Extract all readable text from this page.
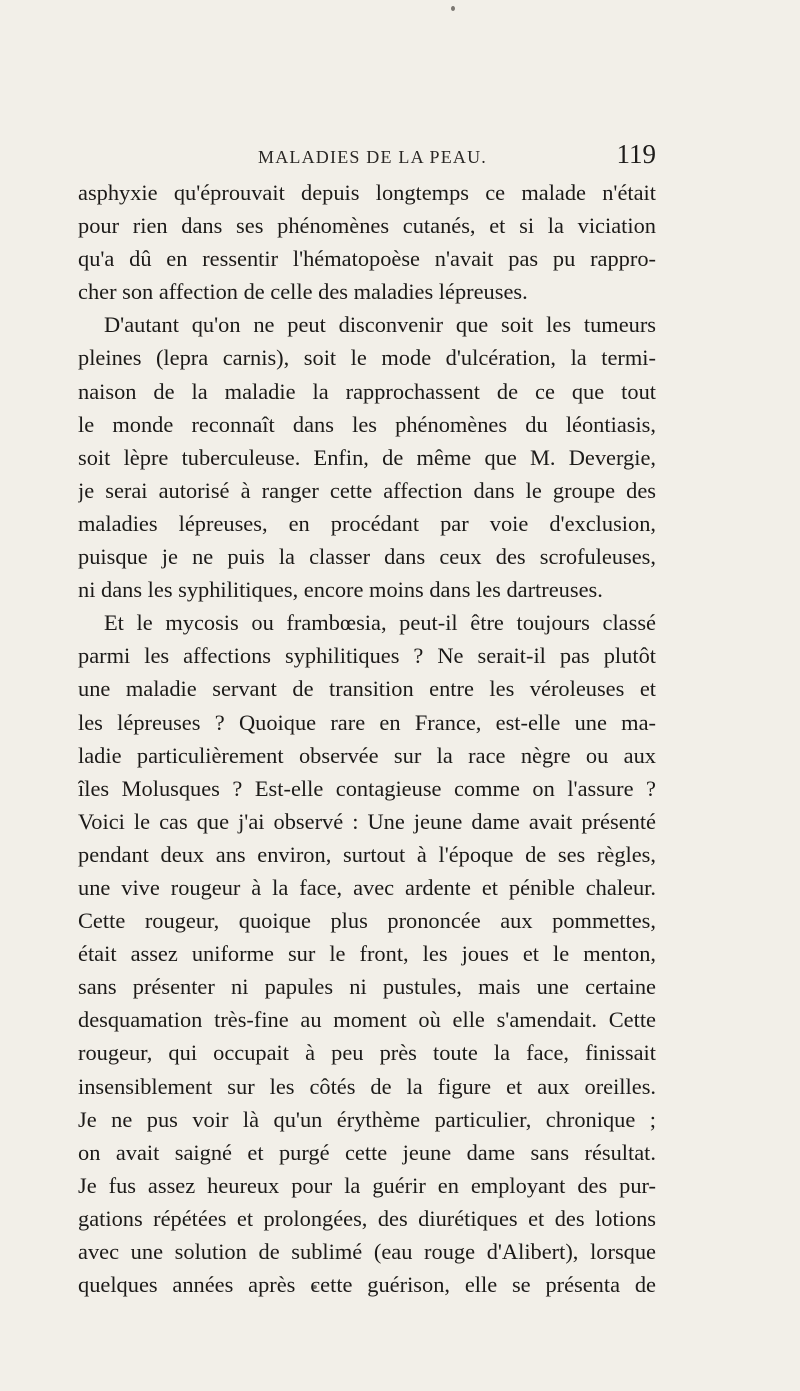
MALADIES DE LA PEAU.	119
asphyxie qu'éprouvait depuis longtemps ce malade n'était
pour rien dans ses phénomènes cutanés, et si la viciation
qu'a dû en ressentir l'hématopoèse n'avait pas pu rappro-
cher son affection de celle des maladies lépreuses.
D'autant qu'on ne peut disconvenir que soit les tumeurs
pleines (lepra carnis), soit le mode d'ulcération, la termi-
naison de la maladie la rapprochassent de ce que tout
le monde reconnaît dans les phénomènes du léontiasis,
soit lèpre tuberculeuse. Enfin, de même que M. Devergie,
je serai autorisé à ranger cette affection dans le groupe des
maladies lépreuses, en procédant par voie d'exclusion,
puisque je ne puis la classer dans ceux des scrofuleuses,
ni dans les syphilitiques, encore moins dans les dartreuses.
Et le mycosis ou frambœsia, peut-il être toujours classé
parmi les affections syphilitiques ? Ne serait-il pas plutôt
une maladie servant de transition entre les véroleuses et
les lépreuses ? Quoique rare en France, est-elle une ma-
ladie particulièrement observée sur la race nègre ou aux
îles Molusques ? Est-elle contagieuse comme on l'assure ?
Voici le cas que j'ai observé : Une jeune dame avait présenté
pendant deux ans environ, surtout à l'époque de ses règles,
une vive rougeur à la face, avec ardente et pénible chaleur.
Cette rougeur, quoique plus prononcée aux pommettes,
était assez uniforme sur le front, les joues et le menton,
sans présenter ni papules ni pustules, mais une certaine
desquamation très-fine au moment où elle s'amendait. Cette
rougeur, qui occupait à peu près toute la face, finissait
insensiblement sur les côtés de la figure et aux oreilles.
Je ne pus voir là qu'un érythème particulier, chronique ;
on avait saigné et purgé cette jeune dame sans résultat.
Je fus assez heureux pour la guérir en employant des pur-
gations répétées et prolongées, des diurétiques et des lotions
avec une solution de sublimé (eau rouge d'Alibert), lorsque
quelques années après cette guérison, elle se présenta de
